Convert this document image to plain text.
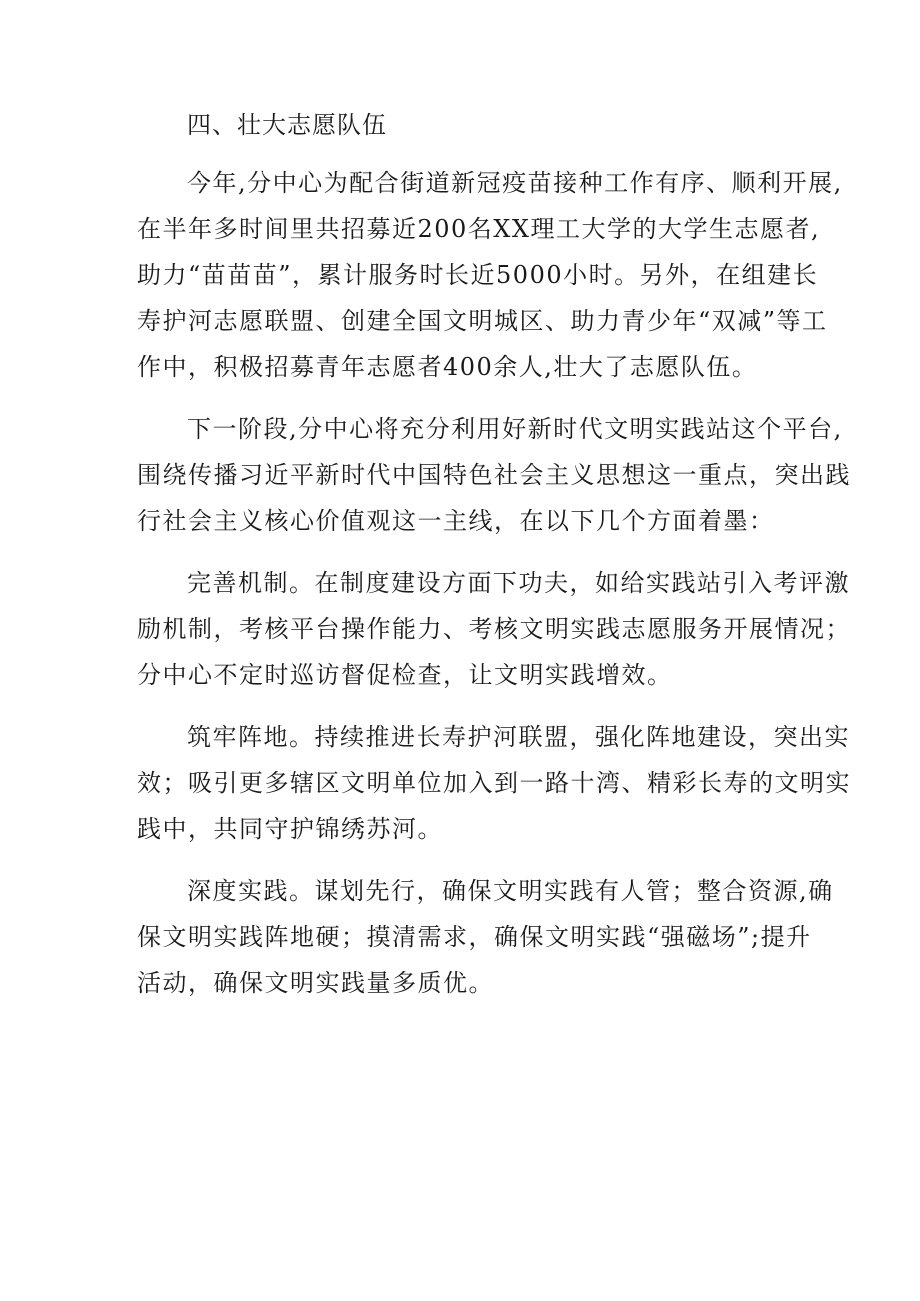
四、壮大志愿队伍

今年,分中心为配合街道新冠疫苗接种工作有序、顺利开展,
在半年多时间里共招募近200名XX理工大学的大学生志愿者,
助力“苗苗苗”，累计服务时长近5000小时。另外，在组建长
寿护河志愿联盟、创建全国文明城区、助力青少年“双减”等工
作中，积极招募青年志愿者400余人,壮大了志愿队伍。

下一阶段,分中心将充分利用好新时代文明实践站这个平台,
围绕传播习近平新时代中国特色社会主义思想这一重点，突出践
行社会主义核心价值观这一主线，在以下几个方面着墨：

完善机制。在制度建设方面下功夫，如给实践站引入考评激
励机制，考核平台操作能力、考核文明实践志愿服务开展情况；
分中心不定时巡访督促检查，让文明实践增效。

筑牢阵地。持续推进长寿护河联盟，强化阵地建设，突出实
效；吸引更多辖区文明单位加入到一路十湾、精彩长寿的文明实
践中，共同守护锦绣苏河。

深度实践。谋划先行，确保文明实践有人管；整合资源,确
保文明实践阵地硬；摸清需求，确保文明实践“强磁场”;提升
活动，确保文明实践量多质优。
